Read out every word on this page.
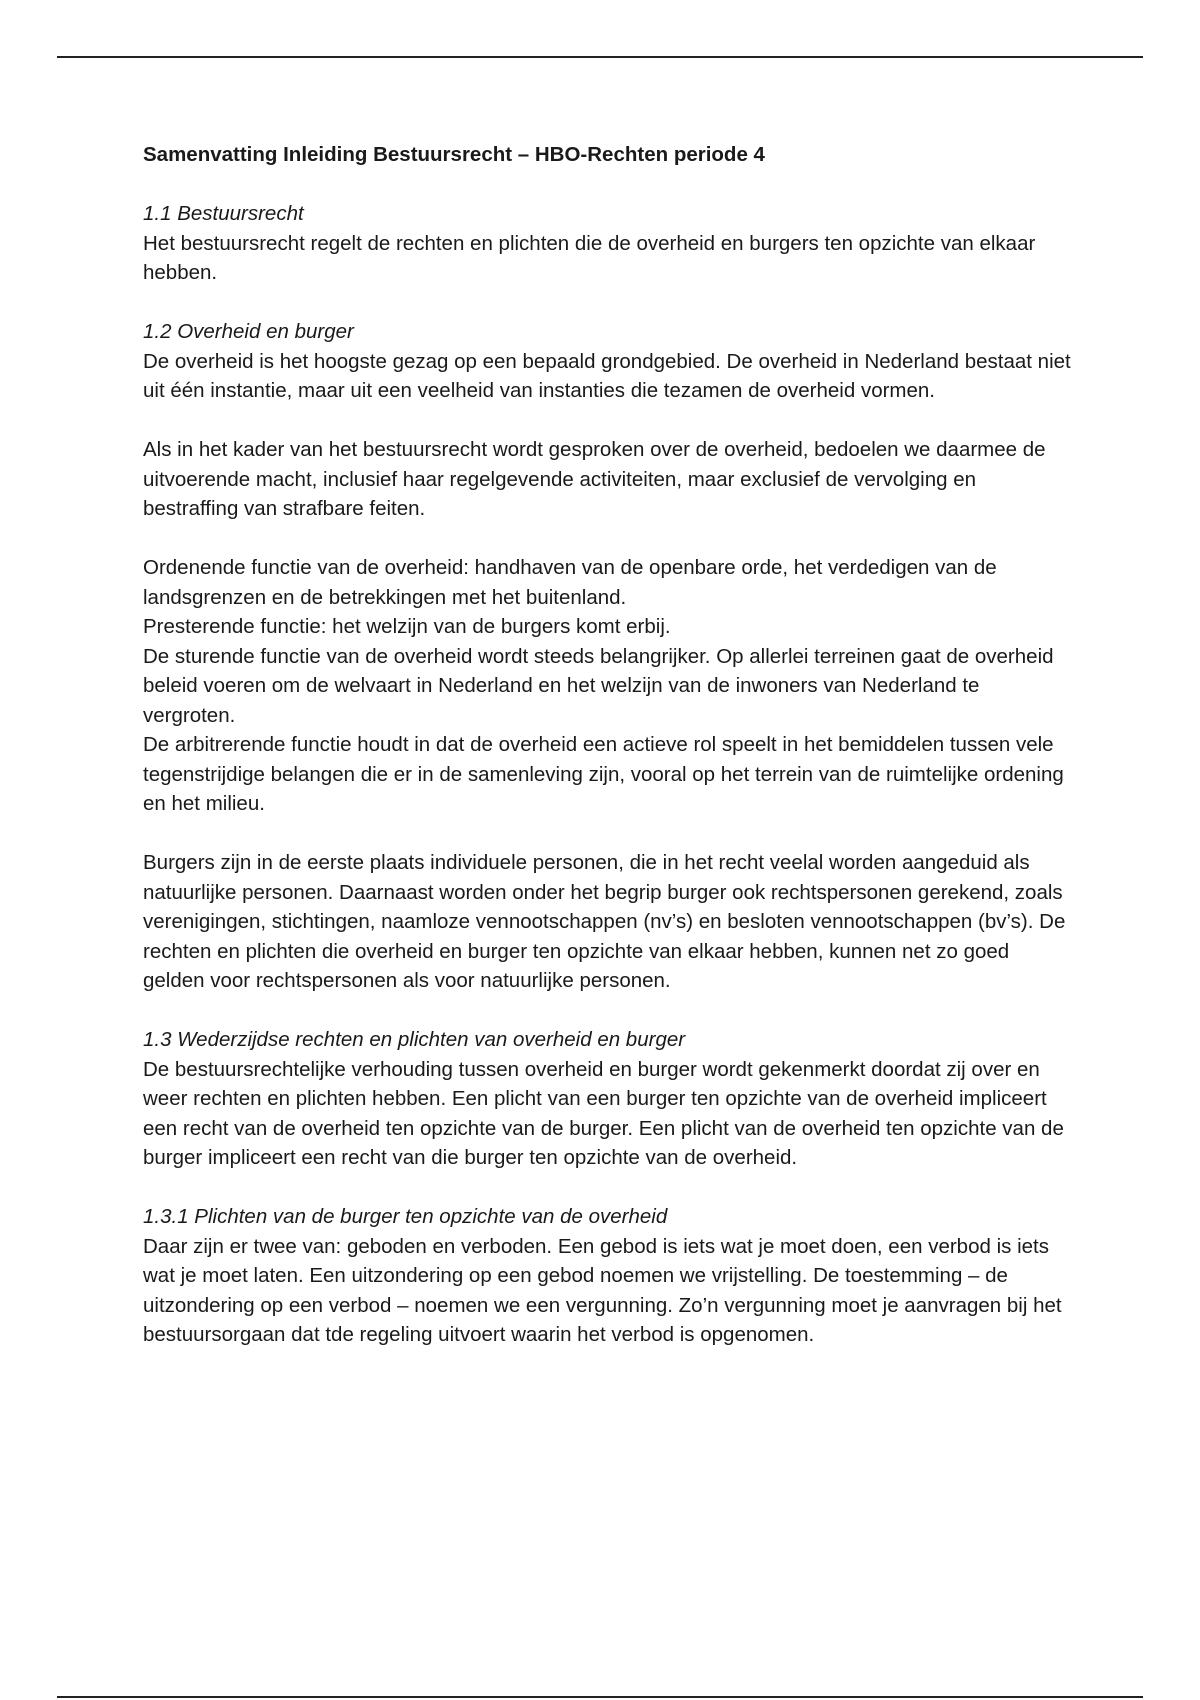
Samenvatting Inleiding Bestuursrecht – HBO-Rechten periode 4

1.1 Bestuursrecht

Het bestuursrecht regelt de rechten en plichten die de overheid en burgers ten opzichte van elkaar hebben.

1.2 Overheid en burger

De overheid is het hoogste gezag op een bepaald grondgebied. De overheid in Nederland bestaat niet uit één instantie, maar uit een veelheid van instanties die tezamen de overheid vormen.

Als in het kader van het bestuursrecht wordt gesproken over de overheid, bedoelen we daarmee de uitvoerende macht, inclusief haar regelgevende activiteiten, maar exclusief de vervolging en bestraffing van strafbare feiten.

Ordenende functie van de overheid: handhaven van de openbare orde, het verdedigen van de landsgrenzen en de betrekkingen met het buitenland.

Presterende functie: het welzijn van de burgers komt erbij.

De sturende functie van de overheid wordt steeds belangrijker. Op allerlei terreinen gaat de overheid beleid voeren om de welvaart in Nederland en het welzijn van de inwoners van Nederland te vergroten.

De arbitrerende functie houdt in dat de overheid een actieve rol speelt in het bemiddelen tussen vele tegenstrijdige belangen die er in de samenleving zijn, vooral op het terrein van de ruimtelijke ordening en het milieu.

Burgers zijn in de eerste plaats individuele personen, die in het recht veelal worden aangeduid als natuurlijke personen. Daarnaast worden onder het begrip burger ook rechtspersonen gerekend, zoals verenigingen, stichtingen, naamloze vennootschappen (nv’s) en besloten vennootschappen (bv’s). De rechten en plichten die overheid en burger ten opzichte van elkaar hebben, kunnen net zo goed gelden voor rechtspersonen als voor natuurlijke personen.

1.3 Wederzijdse rechten en plichten van overheid en burger

De bestuursrechtelijke verhouding tussen overheid en burger wordt gekenmerkt doordat zij over en weer rechten en plichten hebben. Een plicht van een burger ten opzichte van de overheid impliceert een recht van de overheid ten opzichte van de burger. Een plicht van de overheid ten opzichte van de burger impliceert een recht van die burger ten opzichte van de overheid.

1.3.1 Plichten van de burger ten opzichte van de overheid

Daar zijn er twee van: geboden en verboden. Een gebod is iets wat je moet doen, een verbod is iets wat je moet laten. Een uitzondering op een gebod noemen we vrijstelling. De toestemming – de uitzondering op een verbod – noemen we een vergunning. Zo’n vergunning moet je aanvragen bij het bestuursorgaan dat tde regeling uitvoert waarin het verbod is opgenomen.
